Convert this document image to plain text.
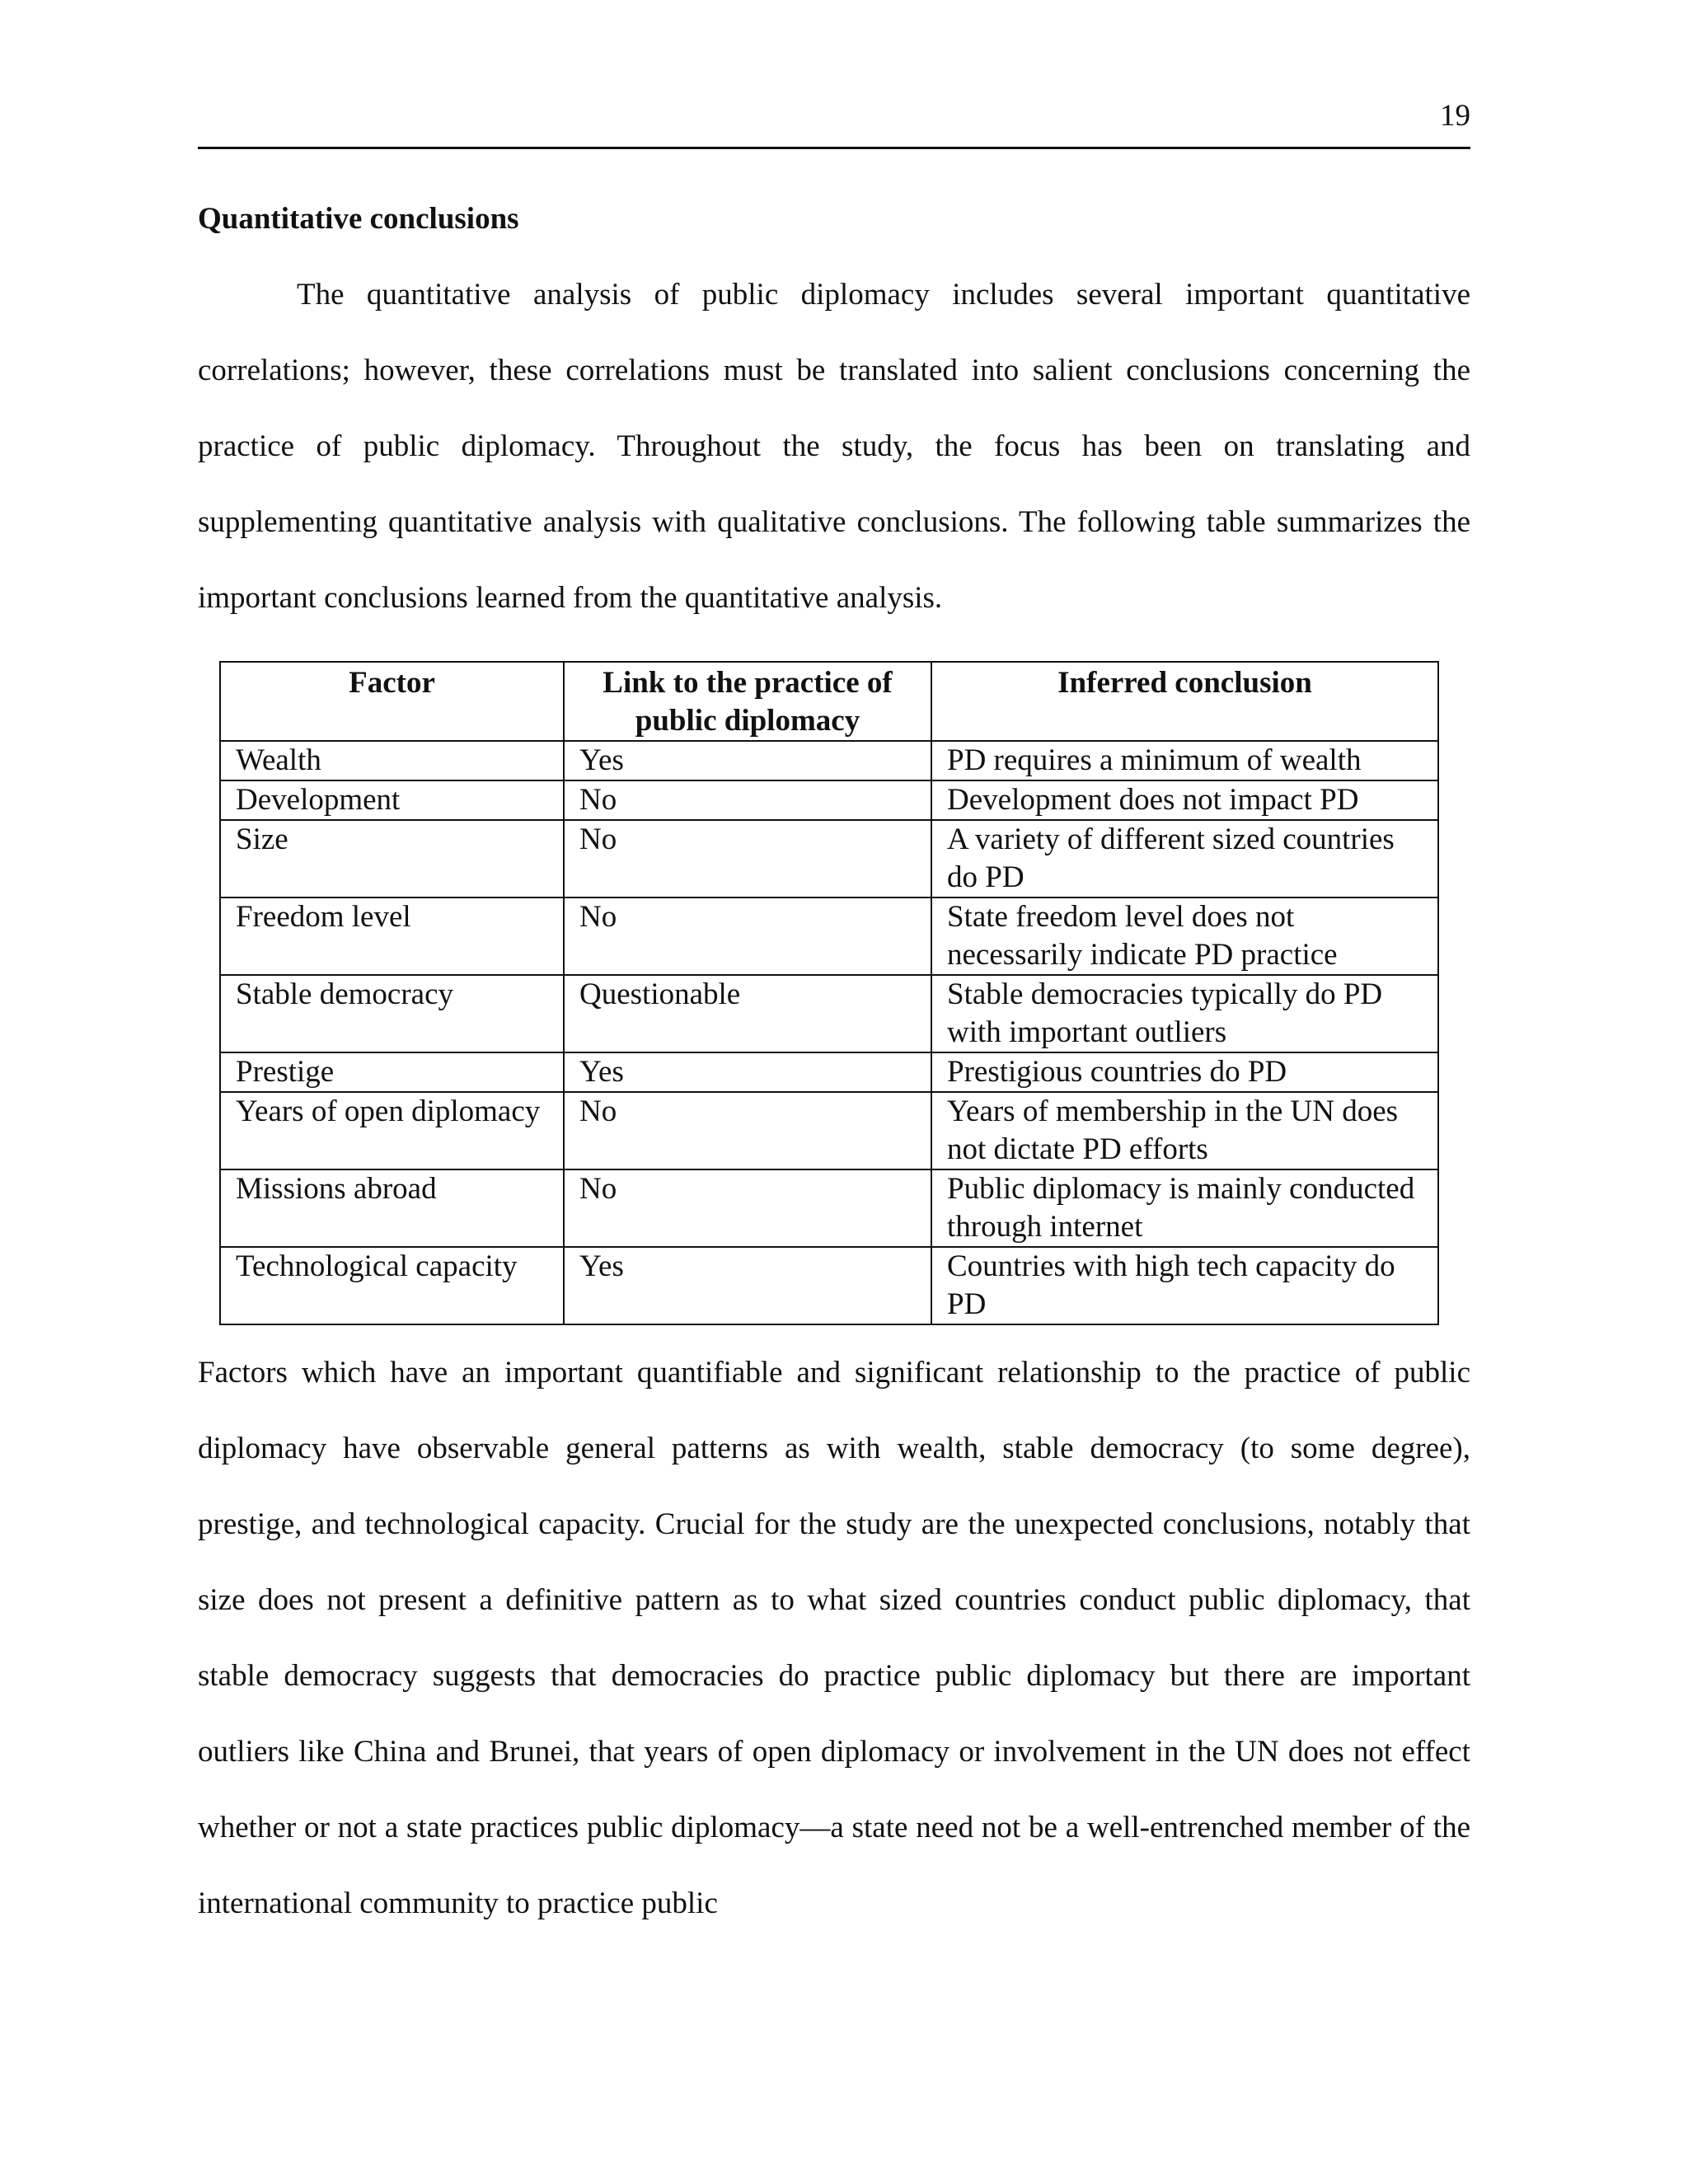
19
Quantitative conclusions

The quantitative analysis of public diplomacy includes several important quantitative correlations; however, these correlations must be translated into salient conclusions concerning the practice of public diplomacy. Throughout the study, the focus has been on translating and supplementing quantitative analysis with qualitative conclusions. The following table summarizes the important conclusions learned from the quantitative analysis.

Factor	Link to the practice of public diplomacy	Inferred conclusion
Wealth	Yes	PD requires a minimum of wealth
Development	No	Development does not impact PD
Size	No	A variety of different sized countries do PD
Freedom level	No	State freedom level does not necessarily indicate PD practice
Stable democracy	Questionable	Stable democracies typically do PD with important outliers
Prestige	Yes	Prestigious countries do PD
Years of open diplomacy	No	Years of membership in the UN does not dictate PD efforts
Missions abroad	No	Public diplomacy is mainly conducted through internet
Technological capacity	Yes	Countries with high tech capacity do PD

Factors which have an important quantifiable and significant relationship to the practice of public diplomacy have observable general patterns as with wealth, stable democracy (to some degree), prestige, and technological capacity. Crucial for the study are the unexpected conclusions, notably that size does not present a definitive pattern as to what sized countries conduct public diplomacy, that stable democracy suggests that democracies do practice public diplomacy but there are important outliers like China and Brunei, that years of open diplomacy or involvement in the UN does not effect whether or not a state practices public diplomacy—a state need not be a well-entrenched member of the international community to practice public
